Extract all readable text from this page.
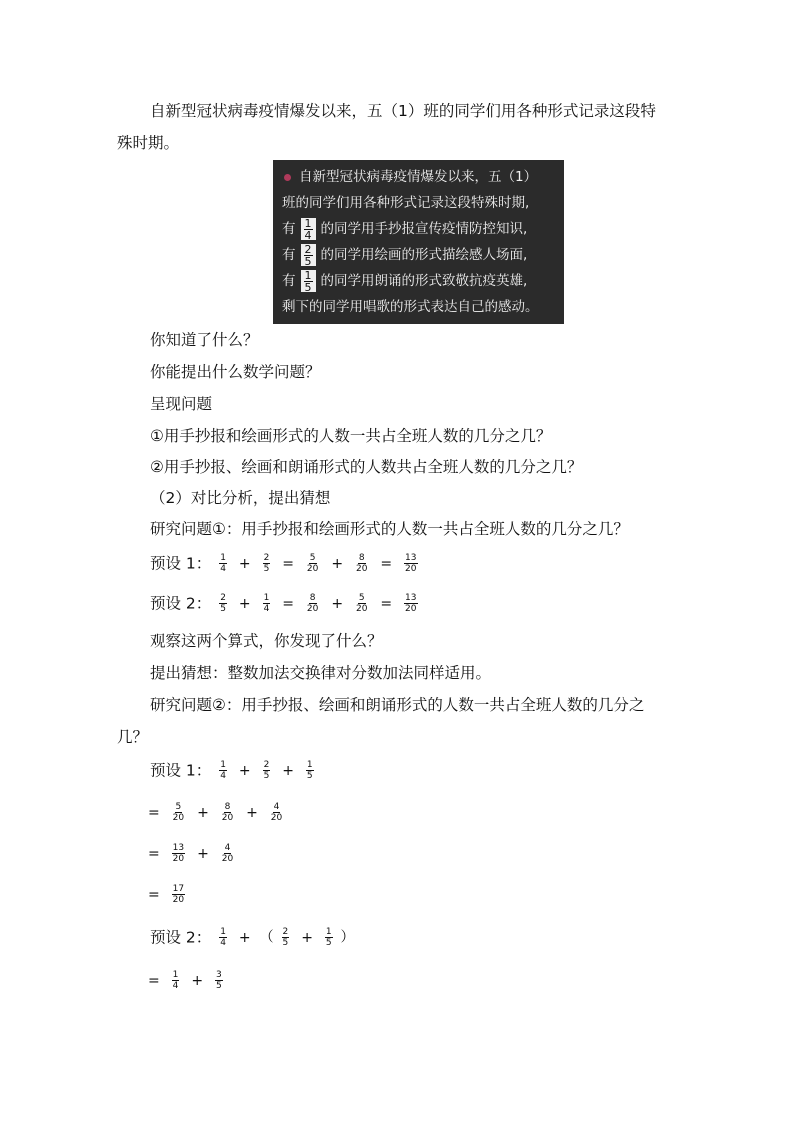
自新型冠状病毒疫情爆发以来，五（1）班的同学们用各种形式记录这段特
殊时期。
自新型冠状病毒疫情爆发以来，五（1）
班的同学们用各种形式记录这段特殊时期,
有 1
4 的同学用手抄报宣传疫情防控知识,
有 2
5 的同学用绘画的形式描绘感人场面,
有 1
5 的同学用朗诵的形式致敬抗疫英雄,
剩下的同学用唱歌的形式表达自己的感动。
你知道了什么？
你能提出什么数学问题？
呈现问题
①用手抄报和绘画形式的人数一共占全班人数的几分之几？
②用手抄报、绘画和朗诵形式的人数共占全班人数的几分之几？
（2）对比分析，提出猜想
研究问题①：用手抄报和绘画形式的人数一共占全班人数的几分之几？
预设 1： $\frac{1}{4} + \frac{2}{5} = \frac{5}{20} + \frac{8}{20} = \frac{13}{20}$
预设 2： $\frac{2}{5} + \frac{1}{4} = \frac{8}{20} + \frac{5}{20} = \frac{13}{20}$
观察这两个算式，你发现了什么？
提出猜想：整数加法交换律对分数加法同样适用。
研究问题②：用手抄报、绘画和朗诵形式的人数一共占全班人数的几分之
几？
预设 1： $\frac{1}{4} + \frac{2}{5} + \frac{1}{5}$
= $\frac{5}{20} + \frac{8}{20} + \frac{4}{20}$
= $\frac{13}{20} + \frac{4}{20}$
= $\frac{17}{20}$
预设 2： $\frac{1}{4}$ + （ $\frac{2}{5} + \frac{1}{5}$ ）
= $\frac{1}{4} + \frac{3}{5}$
